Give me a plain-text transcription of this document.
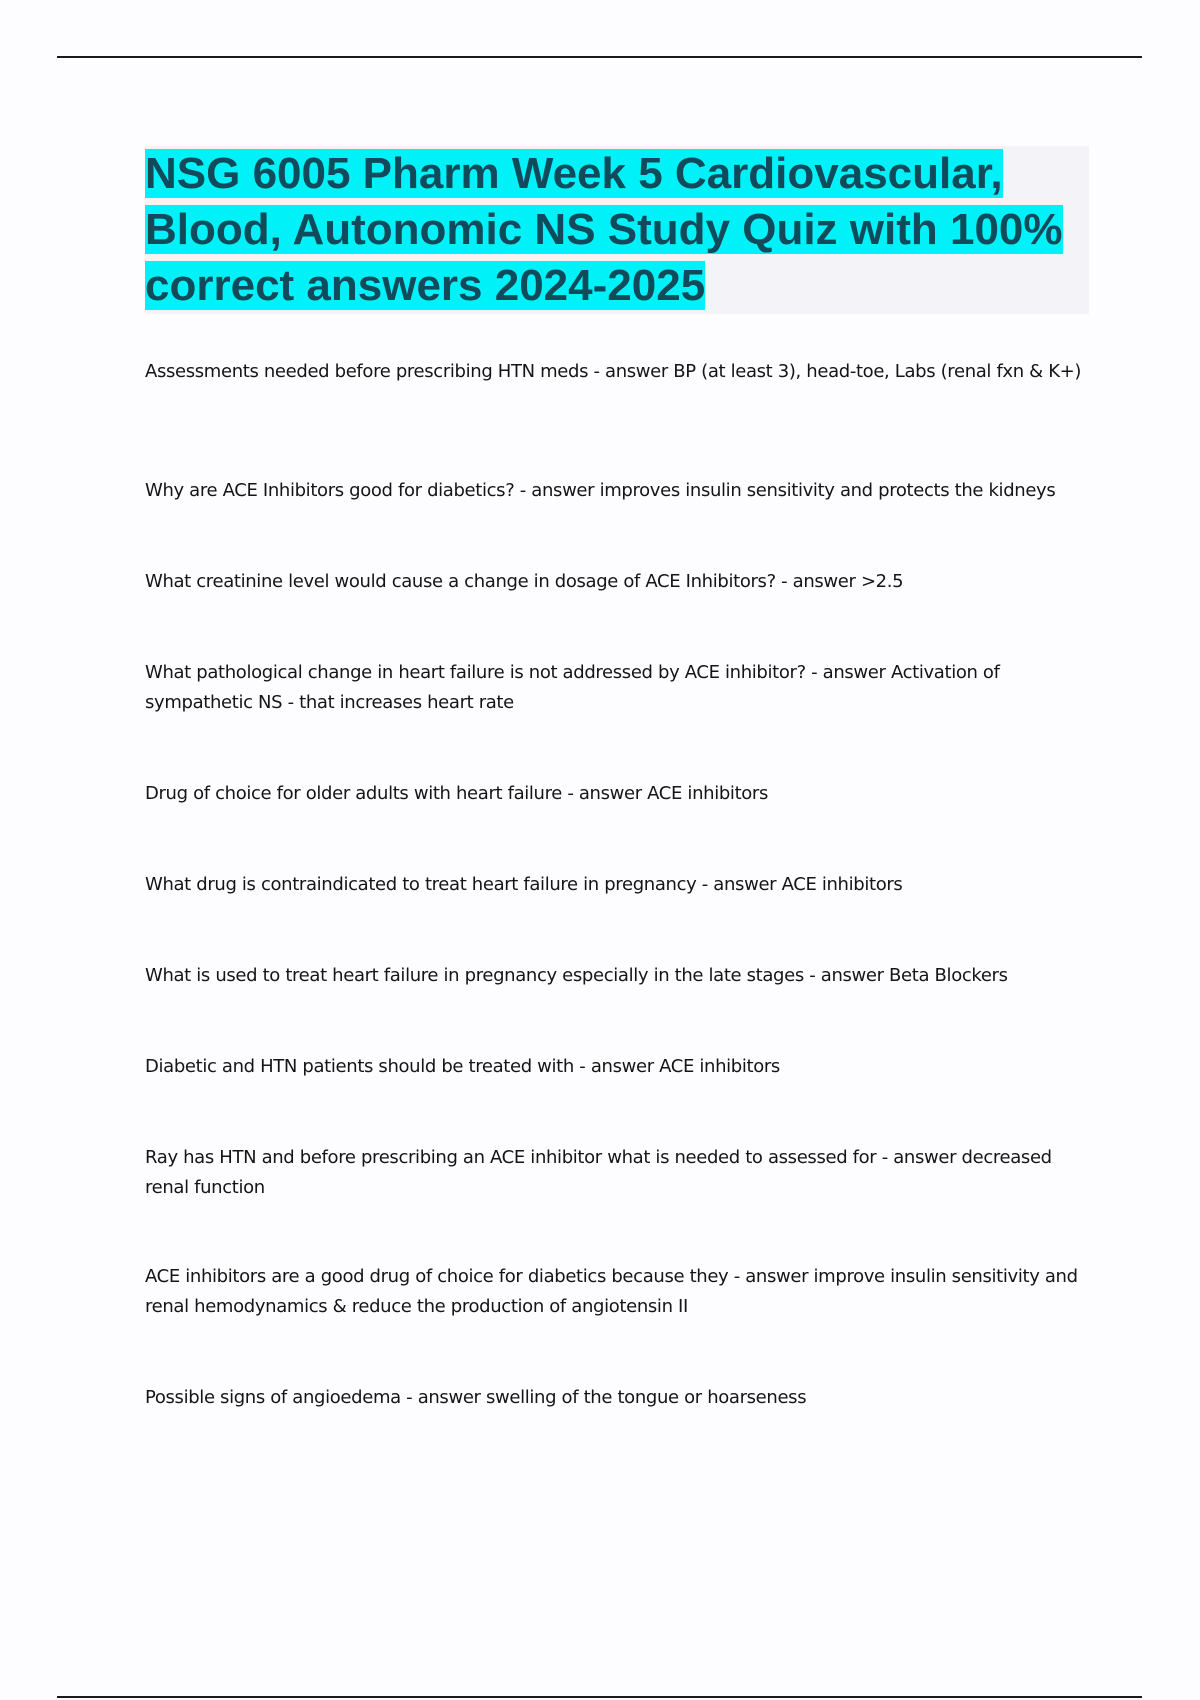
NSG 6005 Pharm Week 5 Cardiovascular, Blood, Autonomic NS Study Quiz with 100% correct answers 2024-2025

Assessments needed before prescribing HTN meds - answer BP (at least 3), head-toe, Labs (renal fxn & K+)

Why are ACE Inhibitors good for diabetics? - answer improves insulin sensitivity and protects the kidneys

What creatinine level would cause a change in dosage of ACE Inhibitors? - answer >2.5

What pathological change in heart failure is not addressed by ACE inhibitor? - answer Activation of sympathetic NS - that increases heart rate

Drug of choice for older adults with heart failure - answer ACE inhibitors

What drug is contraindicated to treat heart failure in pregnancy - answer ACE inhibitors

What is used to treat heart failure in pregnancy especially in the late stages - answer Beta Blockers

Diabetic and HTN patients should be treated with - answer ACE inhibitors

Ray has HTN and before prescribing an ACE inhibitor what is needed to assessed for - answer decreased renal function

ACE inhibitors are a good drug of choice for diabetics because they - answer improve insulin sensitivity and renal hemodynamics & reduce the production of angiotensin II

Possible signs of angioedema - answer swelling of the tongue or hoarseness
